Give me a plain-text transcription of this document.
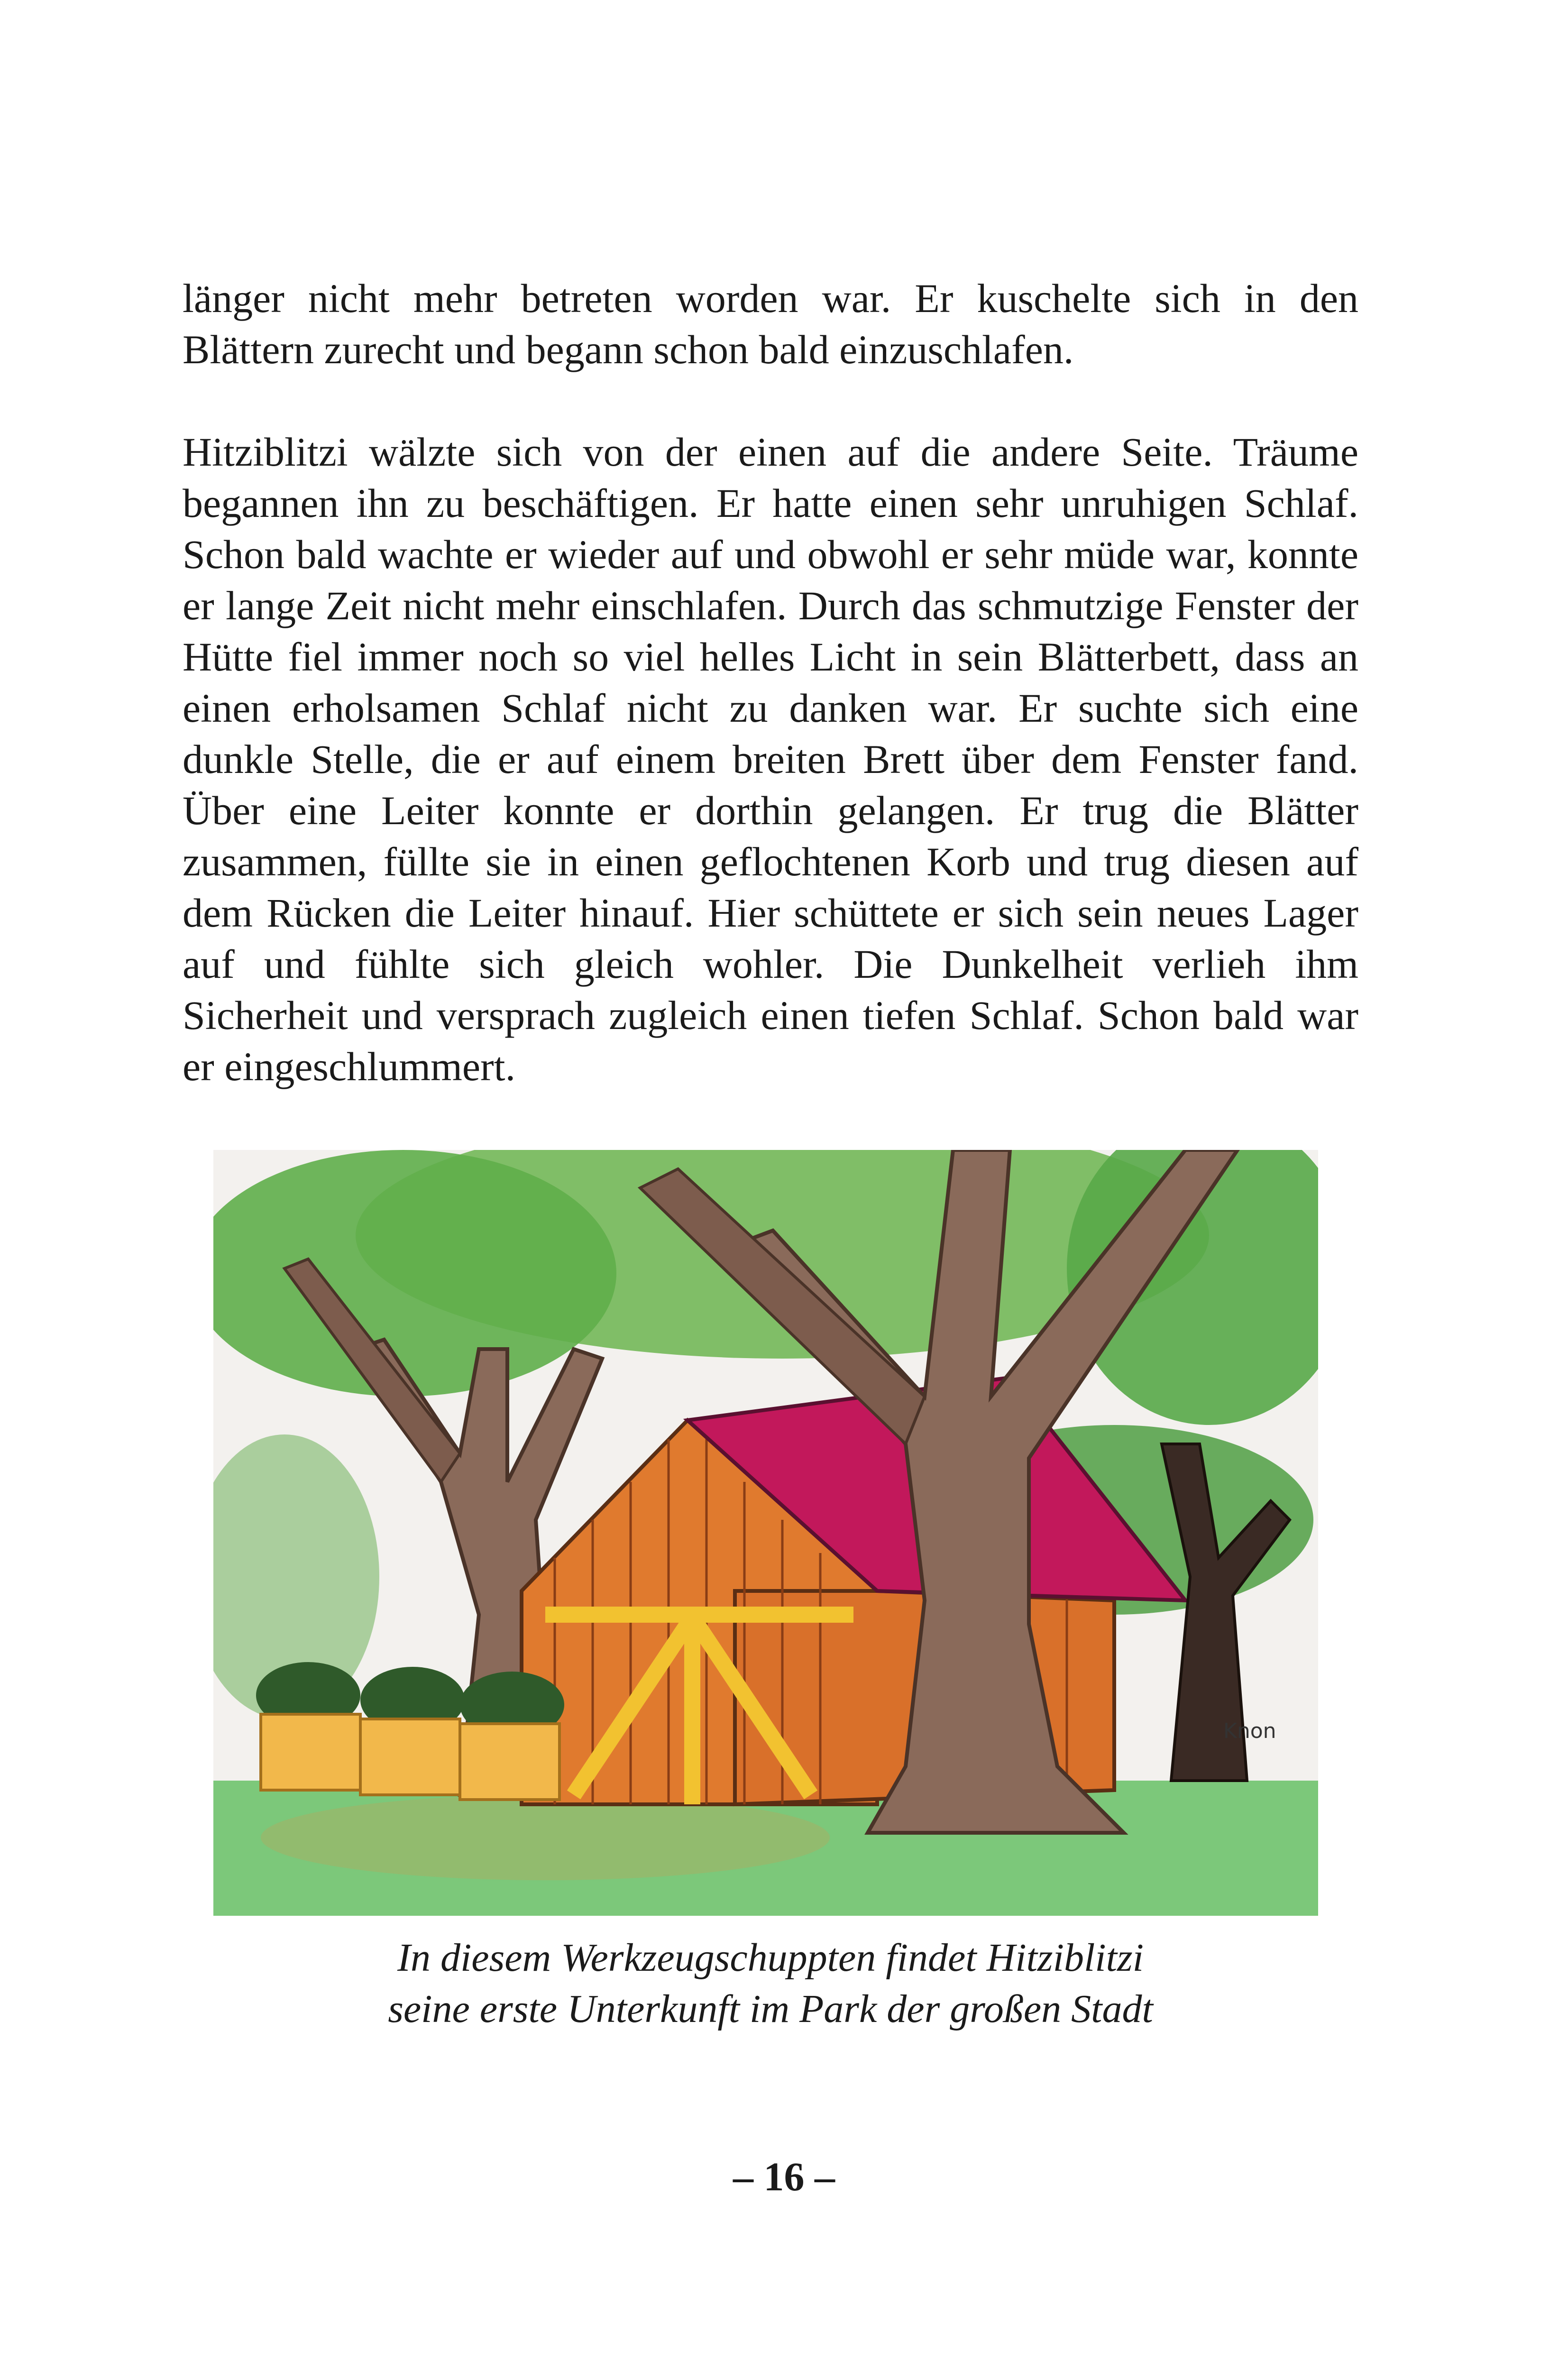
länger nicht mehr betreten worden war. Er kuschelte sich in den Blättern zurecht und begann schon bald einzuschlafen.

Hitziblitzi wälzte sich von der einen auf die andere Seite. Träume begannen ihn zu beschäftigen. Er hatte einen sehr unruhigen Schlaf. Schon bald wachte er wieder auf und obwohl er sehr müde war, konnte er lange Zeit nicht mehr einschlafen. Durch das schmutzige Fenster der Hütte fiel immer noch so viel helles Licht in sein Blätterbett, dass an einen erholsamen Schlaf nicht zu danken war. Er suchte sich eine dunkle Stelle, die er auf einem breiten Brett über dem Fenster fand. Über eine Leiter konnte er dorthin gelangen. Er trug die Blätter zusammen, füllte sie in einen geflochtenen Korb und trug diesen auf dem Rücken die Leiter hinauf. Hier schüttete er sich sein neues Lager auf und fühlte sich gleich wohler. Die Dunkelheit verlieh ihm Sicherheit und versprach zugleich einen tiefen Schlaf. Schon bald war er eingeschlummert.

Knon
In diesem Werkzeugschuppten findet Hitziblitzi
seine erste Unterkunft im Park der großen Stadt
– 16 –
